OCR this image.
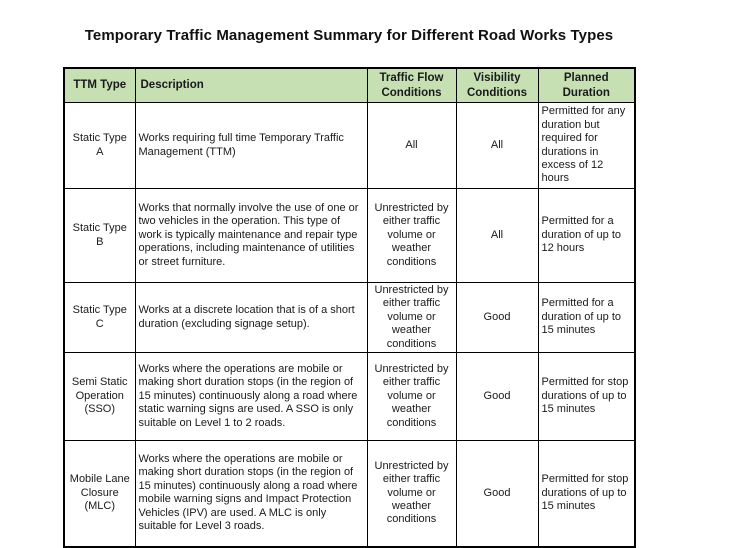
Temporary Traffic Management Summary for Different Road Works Types
TTM Type	Description	Traffic Flow Conditions	Visibility Conditions	Planned Duration
Static Type A	Works requiring full time Temporary Traffic Management (TTM)	All	All	Permitted for any duration but required for durations in excess of 12 hours
Static Type B	Works that normally involve the use of one or two vehicles in the operation. This type of work is typically maintenance and repair type operations, including maintenance of utilities or street furniture.	Unrestricted by either traffic volume or weather conditions	All	Permitted for a duration of up to 12 hours
Static Type C	Works at a discrete location that is of a short duration (excluding signage setup).	Unrestricted by either traffic volume or weather conditions	Good	Permitted for a duration of up to 15 minutes
Semi Static Operation (SSO)	Works where the operations are mobile or making short duration stops (in the region of 15 minutes) continuously along a road where static warning signs are used. A SSO is only suitable on Level 1 to 2 roads.	Unrestricted by either traffic volume or weather conditions	Good	Permitted for stop durations of up to 15 minutes
Mobile Lane Closure (MLC)	Works where the operations are mobile or making short duration stops (in the region of 15 minutes) continuously along a road where mobile warning signs and Impact Protection Vehicles (IPV) are used. A MLC is only suitable for Level 3 roads.	Unrestricted by either traffic volume or weather conditions	Good	Permitted for stop durations of up to 15 minutes
